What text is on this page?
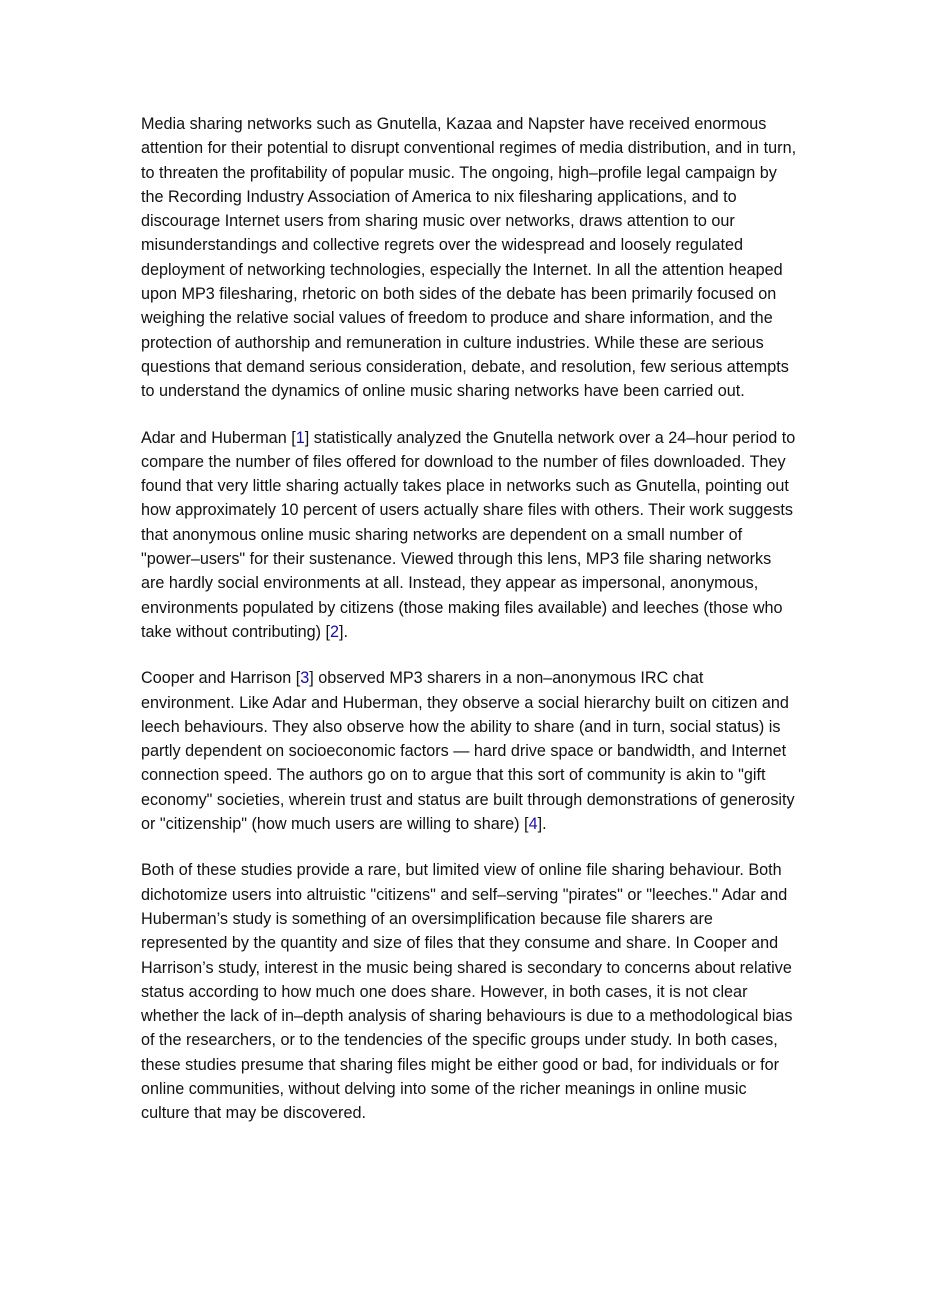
Media sharing networks such as Gnutella, Kazaa and Napster have received enormous attention for their potential to disrupt conventional regimes of media distribution, and in turn, to threaten the profitability of popular music. The ongoing, high–profile legal campaign by the Recording Industry Association of America to nix filesharing applications, and to discourage Internet users from sharing music over networks, draws attention to our misunderstandings and collective regrets over the widespread and loosely regulated deployment of networking technologies, especially the Internet. In all the attention heaped upon MP3 filesharing, rhetoric on both sides of the debate has been primarily focused on weighing the relative social values of freedom to produce and share information, and the protection of authorship and remuneration in culture industries. While these are serious questions that demand serious consideration, debate, and resolution, few serious attempts to understand the dynamics of online music sharing networks have been carried out.

Adar and Huberman [1] statistically analyzed the Gnutella network over a 24–hour period to compare the number of files offered for download to the number of files downloaded. They found that very little sharing actually takes place in networks such as Gnutella, pointing out how approximately 10 percent of users actually share files with others. Their work suggests that anonymous online music sharing networks are dependent on a small number of "power–users" for their sustenance. Viewed through this lens, MP3 file sharing networks are hardly social environments at all. Instead, they appear as impersonal, anonymous, environments populated by citizens (those making files available) and leeches (those who take without contributing) [2].

Cooper and Harrison [3] observed MP3 sharers in a non–anonymous IRC chat environment. Like Adar and Huberman, they observe a social hierarchy built on citizen and leech behaviours. They also observe how the ability to share (and in turn, social status) is partly dependent on socioeconomic factors — hard drive space or bandwidth, and Internet connection speed. The authors go on to argue that this sort of community is akin to "gift economy" societies, wherein trust and status are built through demonstrations of generosity or "citizenship" (how much users are willing to share) [4].

Both of these studies provide a rare, but limited view of online file sharing behaviour. Both dichotomize users into altruistic "citizens" and self–serving "pirates" or "leeches." Adar and Huberman’s study is something of an oversimplification because file sharers are represented by the quantity and size of files that they consume and share. In Cooper and Harrison’s study, interest in the music being shared is secondary to concerns about relative status according to how much one does share. However, in both cases, it is not clear whether the lack of in–depth analysis of sharing behaviours is due to a methodological bias of the researchers, or to the tendencies of the specific groups under study. In both cases, these studies presume that sharing files might be either good or bad, for individuals or for online communities, without delving into some of the richer meanings in online music culture that may be discovered.
